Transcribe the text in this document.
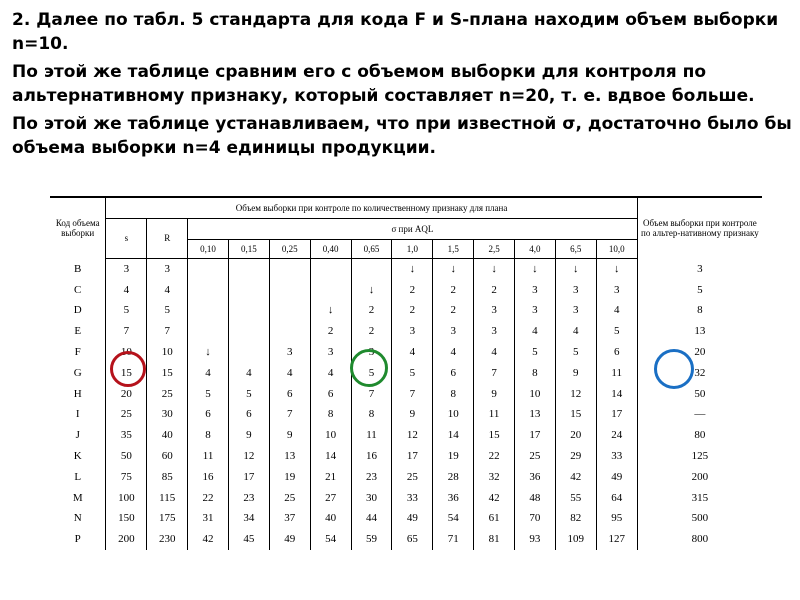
2. Далее по табл. 5 стандарта для кода F и S-плана находим объем выборки n=10.

По этой же таблице сравним его с объемом выборки для контроля по альтернативному признаку, который составляет n=20, т. е. вдвое больше.

По этой же таблице устанавливаем, что при известной σ, достаточно было бы объема выборки n=4 единицы продукции.

Код объема выборки	Объем выборки при контроле по количественному признаку для плана													Объем выборки при контроле по альтер-нативному признаку
	s	R	σ при AQL											
			0,10	0,15	0,25	0,40	0,65	1,0	1,5	2,5	4,0	6,5	10,0	
B	3	3						↓	↓	↓	↓	↓	↓	3
C	4	4					↓	2	2	2	3	3	3	5
D	5	5				↓	2	2	2	3	3	3	4	8
E	7	7				2	2	3	3	3	4	4	5	13
F	10	10	↓		3	3	3	4	4	4	5	5	6	20
G	15	15	4	4	4	4	5	5	6	7	8	9	11	32
H	20	25	5	5	6	6	7	7	8	9	10	12	14	50
I	25	30	6	6	7	8	8	9	10	11	13	15	17	—
J	35	40	8	9	9	10	11	12	14	15	17	20	24	80
K	50	60	11	12	13	14	16	17	19	22	25	29	33	125
L	75	85	16	17	19	21	23	25	28	32	36	42	49	200
M	100	115	22	23	25	27	30	33	36	42	48	55	64	315
N	150	175	31	34	37	40	44	49	54	61	70	82	95	500
P	200	230	42	45	49	54	59	65	71	81	93	109	127	800
